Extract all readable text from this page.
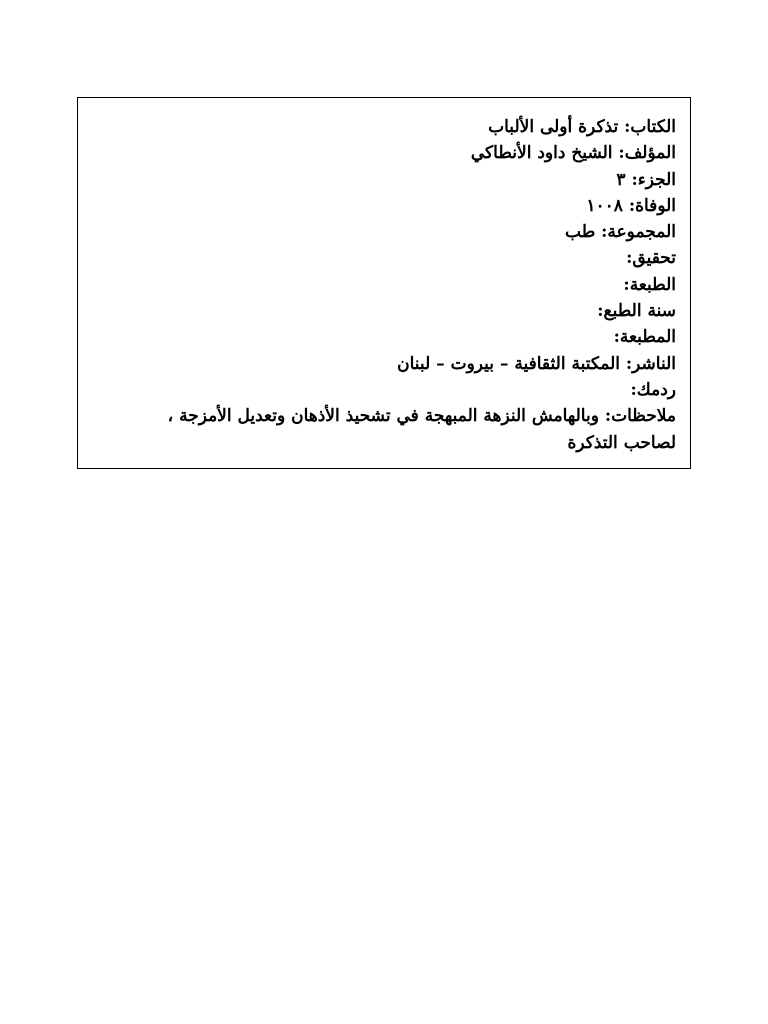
الكتاب: تذكرة أولى الألباب
المؤلف: الشيخ داود الأنطاكي
الجزء: ٣
الوفاة: ١٠٠٨
المجموعة: طب
تحقيق:
الطبعة:
سنة الطبع:
المطبعة:
الناشر: المكتبة الثقافية – بيروت – لبنان
ردمك:
ملاحظات: وبالهامش النزهة المبهجة في تشحيذ الأذهان وتعديل الأمزجة ،
لصاحب التذكرة
